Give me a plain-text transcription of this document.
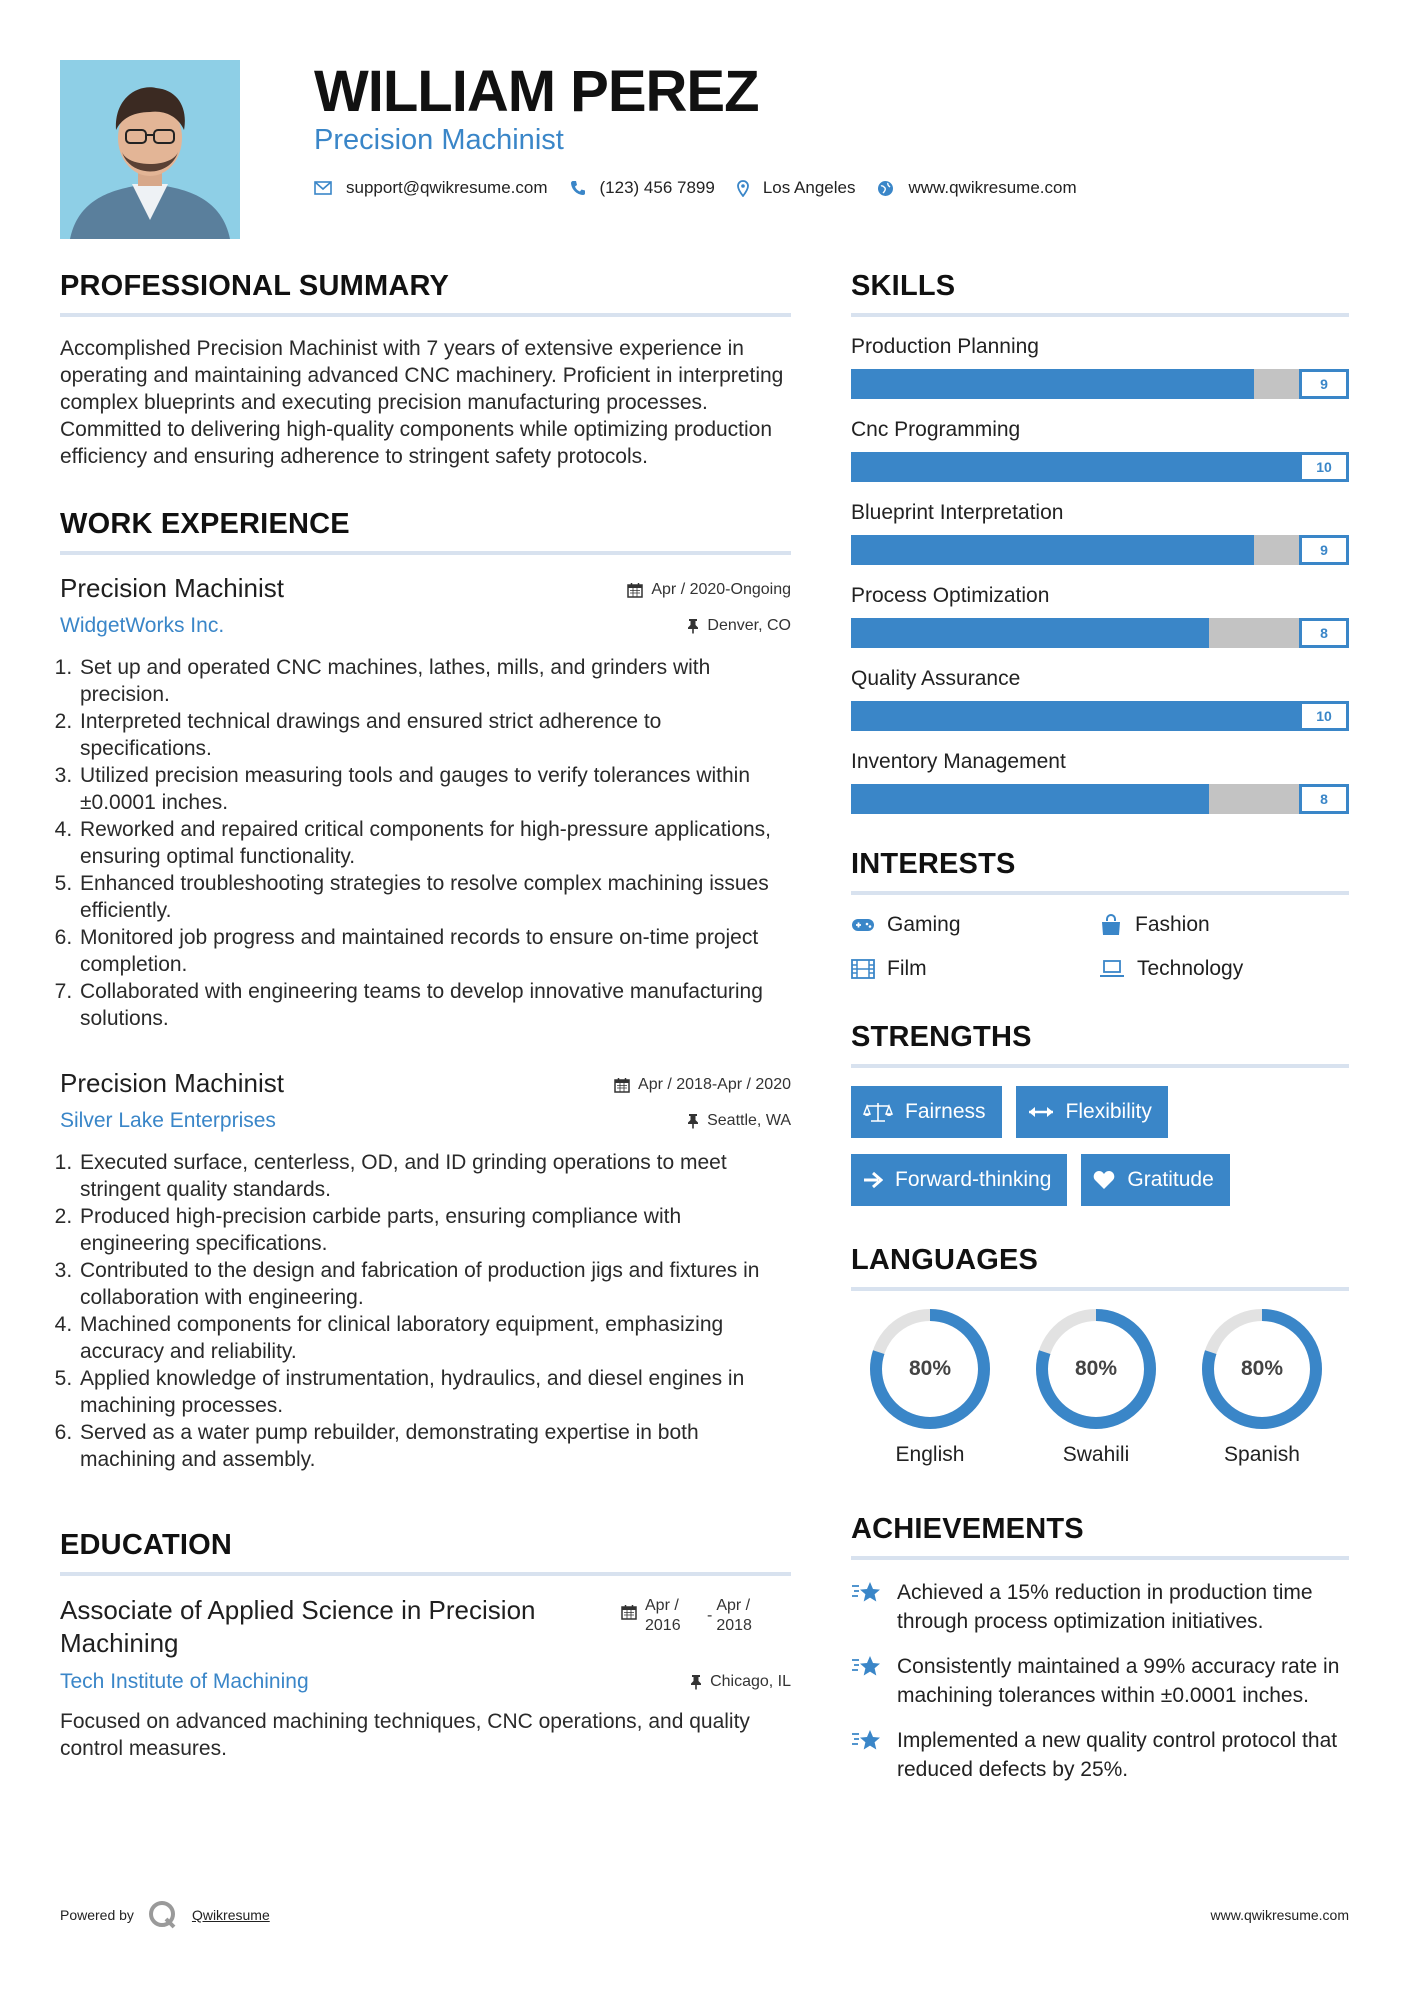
WILLIAM PEREZ
Precision Machinist
support@qwikresume.com	(123) 456 7899	Los Angeles	www.qwikresume.com
PROFESSIONAL SUMMARY
Accomplished Precision Machinist with 7 years of extensive experience in operating and maintaining advanced CNC machinery. Proficient in interpreting complex blueprints and executing precision manufacturing processes. Committed to delivering high-quality components while optimizing production efficiency and ensuring adherence to stringent safety protocols.
WORK EXPERIENCE
Precision Machinist	Apr / 2020-Ongoing
WidgetWorks Inc.	Denver, CO
1. Set up and operated CNC machines, lathes, mills, and grinders with precision.
2. Interpreted technical drawings and ensured strict adherence to specifications.
3. Utilized precision measuring tools and gauges to verify tolerances within ±0.0001 inches.
4. Reworked and repaired critical components for high-pressure applications, ensuring optimal functionality.
5. Enhanced troubleshooting strategies to resolve complex machining issues efficiently.
6. Monitored job progress and maintained records to ensure on-time project completion.
7. Collaborated with engineering teams to develop innovative manufacturing solutions.
Precision Machinist	Apr / 2018-Apr / 2020
Silver Lake Enterprises	Seattle, WA
1. Executed surface, centerless, OD, and ID grinding operations to meet stringent quality standards.
2. Produced high-precision carbide parts, ensuring compliance with engineering specifications.
3. Contributed to the design and fabrication of production jigs and fixtures in collaboration with engineering.
4. Machined components for clinical laboratory equipment, emphasizing accuracy and reliability.
5. Applied knowledge of instrumentation, hydraulics, and diesel engines in machining processes.
6. Served as a water pump rebuilder, demonstrating expertise in both machining and assembly.
EDUCATION
Associate of Applied Science in Precision Machining
Apr / 2016
-
Apr / 2018
Tech Institute of Machining	Chicago, IL
Focused on advanced machining techniques, CNC operations, and quality control measures.
SKILLS
Production Planning
9
Cnc Programming
10
Blueprint Interpretation
9
Process Optimization
8
Quality Assurance
10
Inventory Management
8
INTERESTS
Gaming	Fashion
Film	Technology
STRENGTHS
Fairness	Flexibility
Forward-thinking	Gratitude
LANGUAGES
80%
English
80%
Swahili
80%
Spanish
ACHIEVEMENTS
Achieved a 15% reduction in production time through process optimization initiatives.
Consistently maintained a 99% accuracy rate in machining tolerances within ±0.0001 inches.
Implemented a new quality control protocol that reduced defects by 25%.
Powered by	Qwikresume	www.qwikresume.com
